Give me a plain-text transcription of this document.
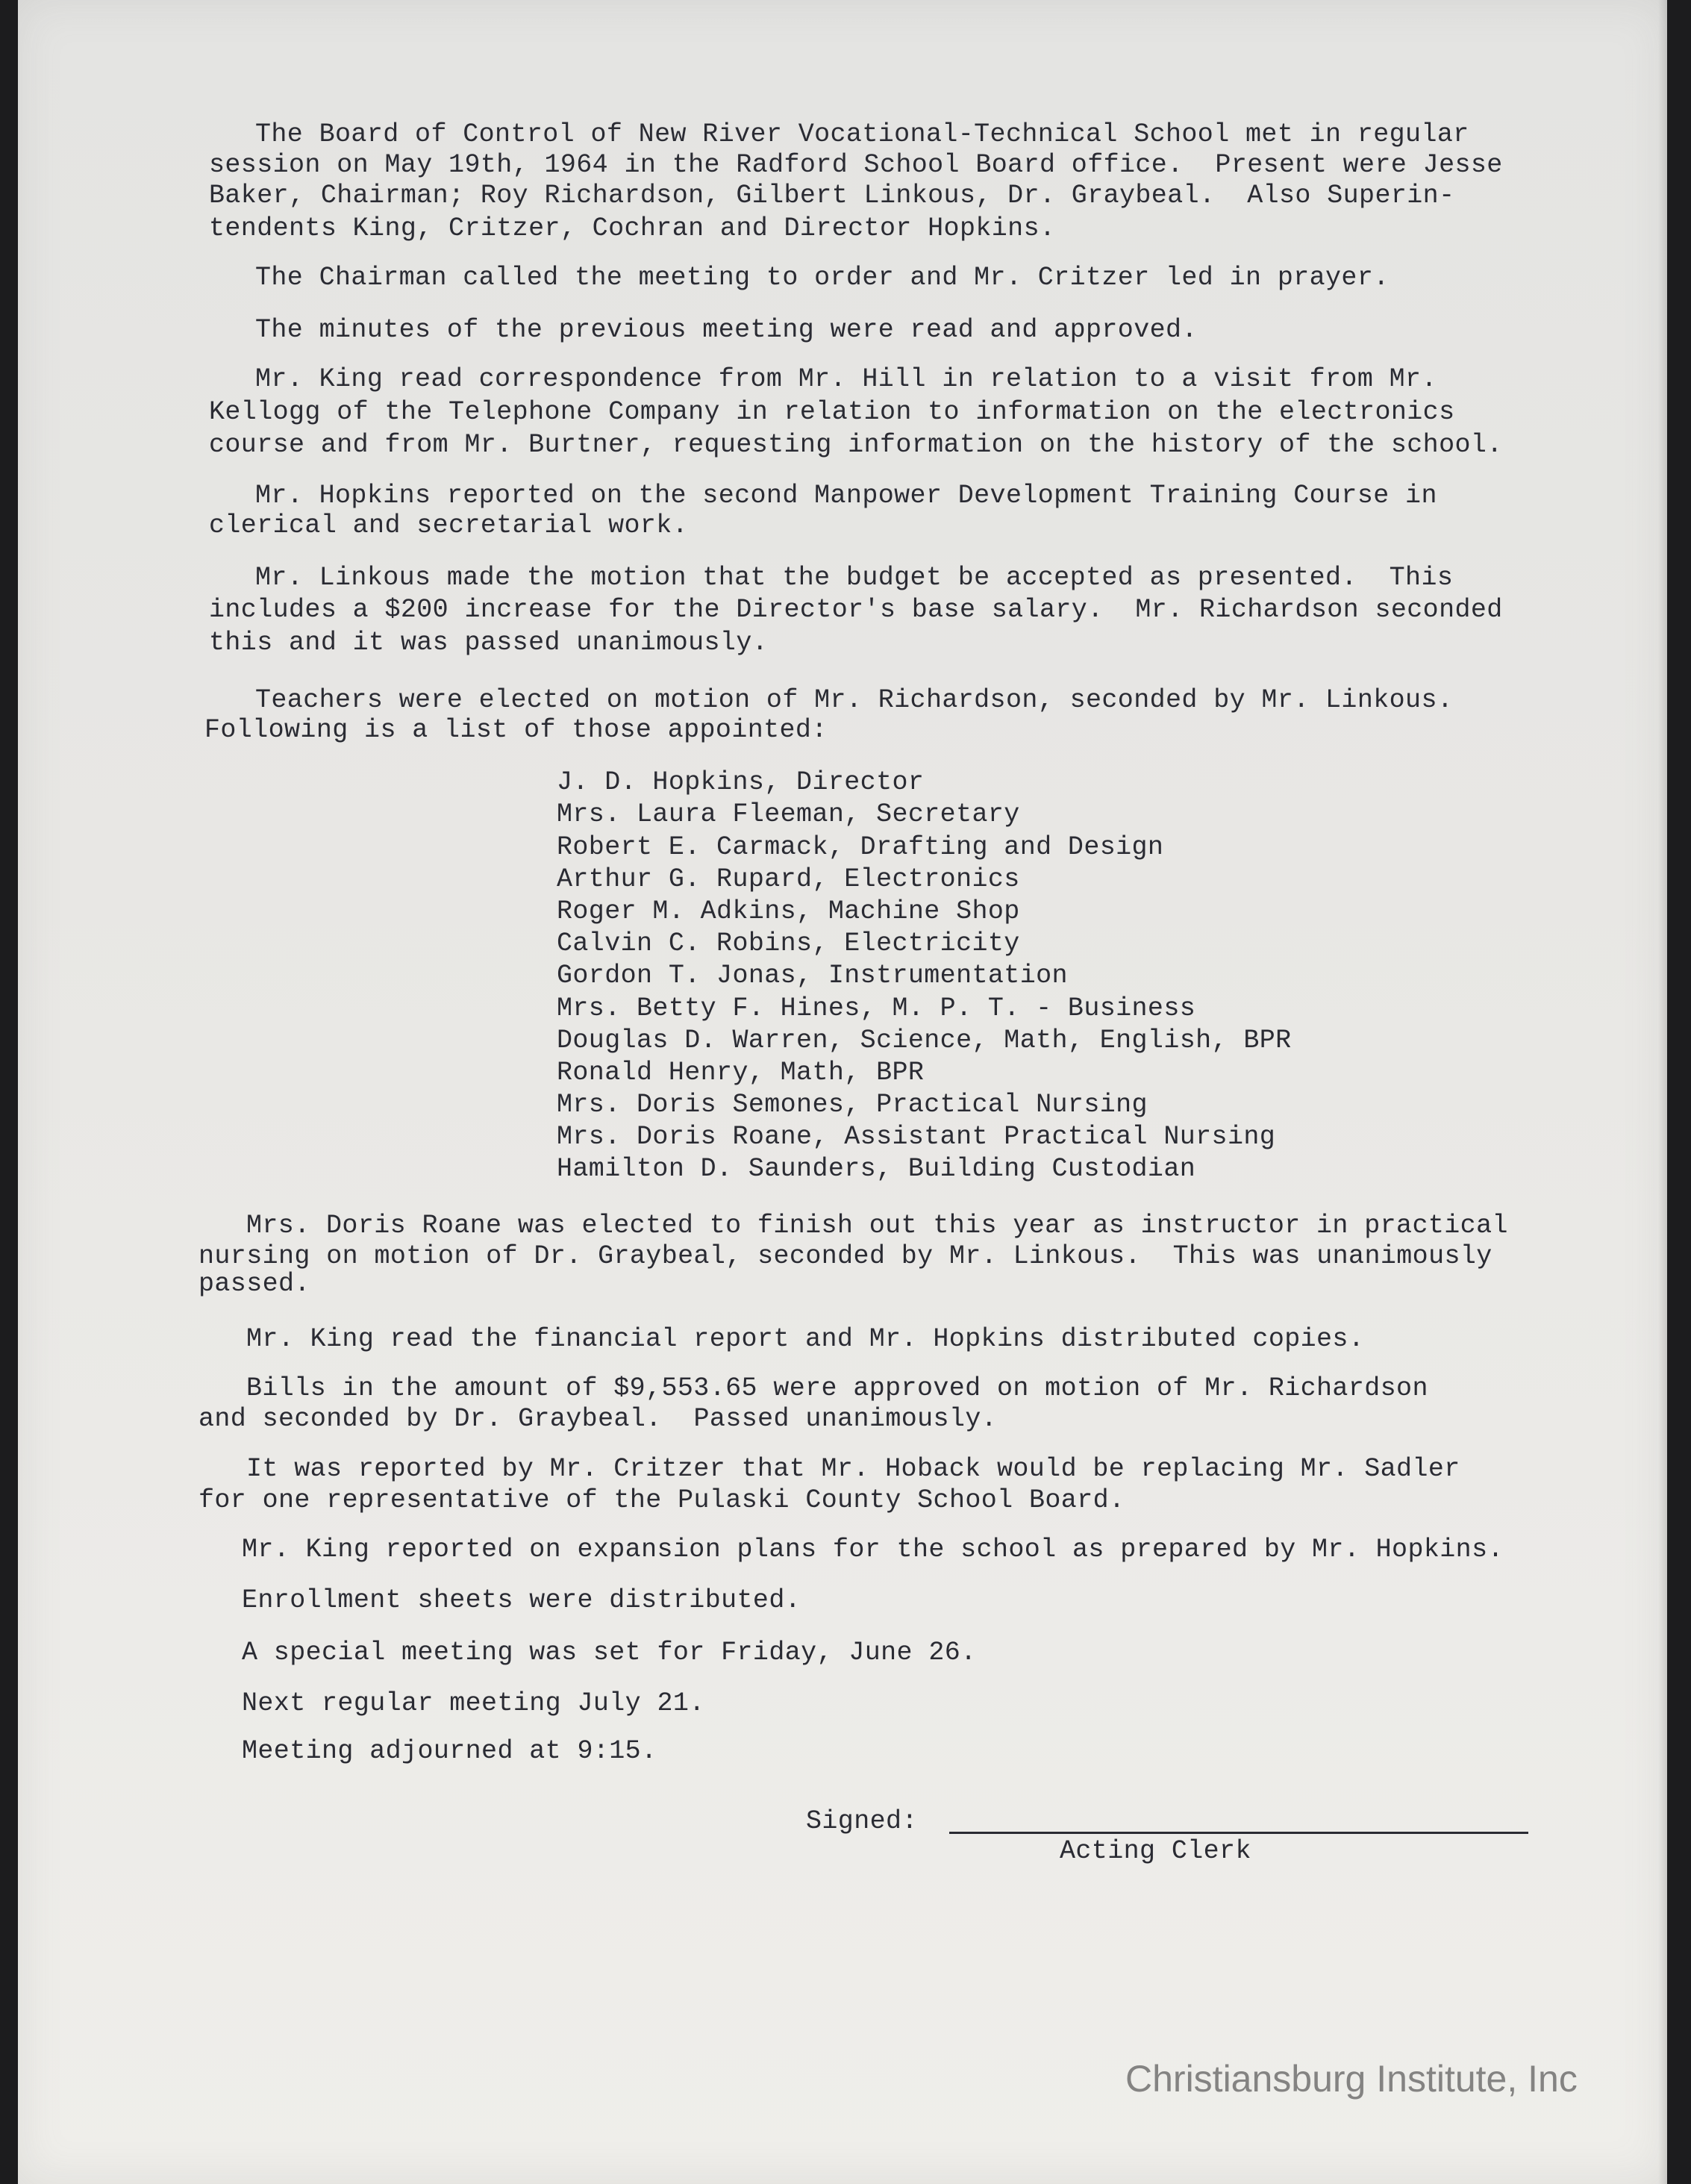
The Board of Control of New River Vocational-Technical School met in regular
session on May 19th, 1964 in the Radford School Board office.  Present were Jesse
Baker, Chairman; Roy Richardson, Gilbert Linkous, Dr. Graybeal.  Also Superin-
tendents King, Critzer, Cochran and Director Hopkins.
The Chairman called the meeting to order and Mr. Critzer led in prayer.
The minutes of the previous meeting were read and approved.
Mr. King read correspondence from Mr. Hill in relation to a visit from Mr.
Kellogg of the Telephone Company in relation to information on the electronics
course and from Mr. Burtner, requesting information on the history of the school.
Mr. Hopkins reported on the second Manpower Development Training Course in
clerical and secretarial work.
Mr. Linkous made the motion that the budget be accepted as presented.  This
includes a $200 increase for the Director's base salary.  Mr. Richardson seconded
this and it was passed unanimously.
Teachers were elected on motion of Mr. Richardson, seconded by Mr. Linkous.
Following is a list of those appointed:
J. D. Hopkins, Director
Mrs. Laura Fleeman, Secretary
Robert E. Carmack, Drafting and Design
Arthur G. Rupard, Electronics
Roger M. Adkins, Machine Shop
Calvin C. Robins, Electricity
Gordon T. Jonas, Instrumentation
Mrs. Betty F. Hines, M. P. T. - Business
Douglas D. Warren, Science, Math, English, BPR
Ronald Henry, Math, BPR
Mrs. Doris Semones, Practical Nursing
Mrs. Doris Roane, Assistant Practical Nursing
Hamilton D. Saunders, Building Custodian
Mrs. Doris Roane was elected to finish out this year as instructor in practical
nursing on motion of Dr. Graybeal, seconded by Mr. Linkous.  This was unanimously
passed.
Mr. King read the financial report and Mr. Hopkins distributed copies.
Bills in the amount of $9,553.65 were approved on motion of Mr. Richardson
and seconded by Dr. Graybeal.  Passed unanimously.
It was reported by Mr. Critzer that Mr. Hoback would be replacing Mr. Sadler
for one representative of the Pulaski County School Board.
Mr. King reported on expansion plans for the school as prepared by Mr. Hopkins.
Enrollment sheets were distributed.
A special meeting was set for Friday, June 26.
Next regular meeting July 21.
Meeting adjourned at 9:15.
Signed:
Acting Clerk
Christiansburg Institute, Inc
